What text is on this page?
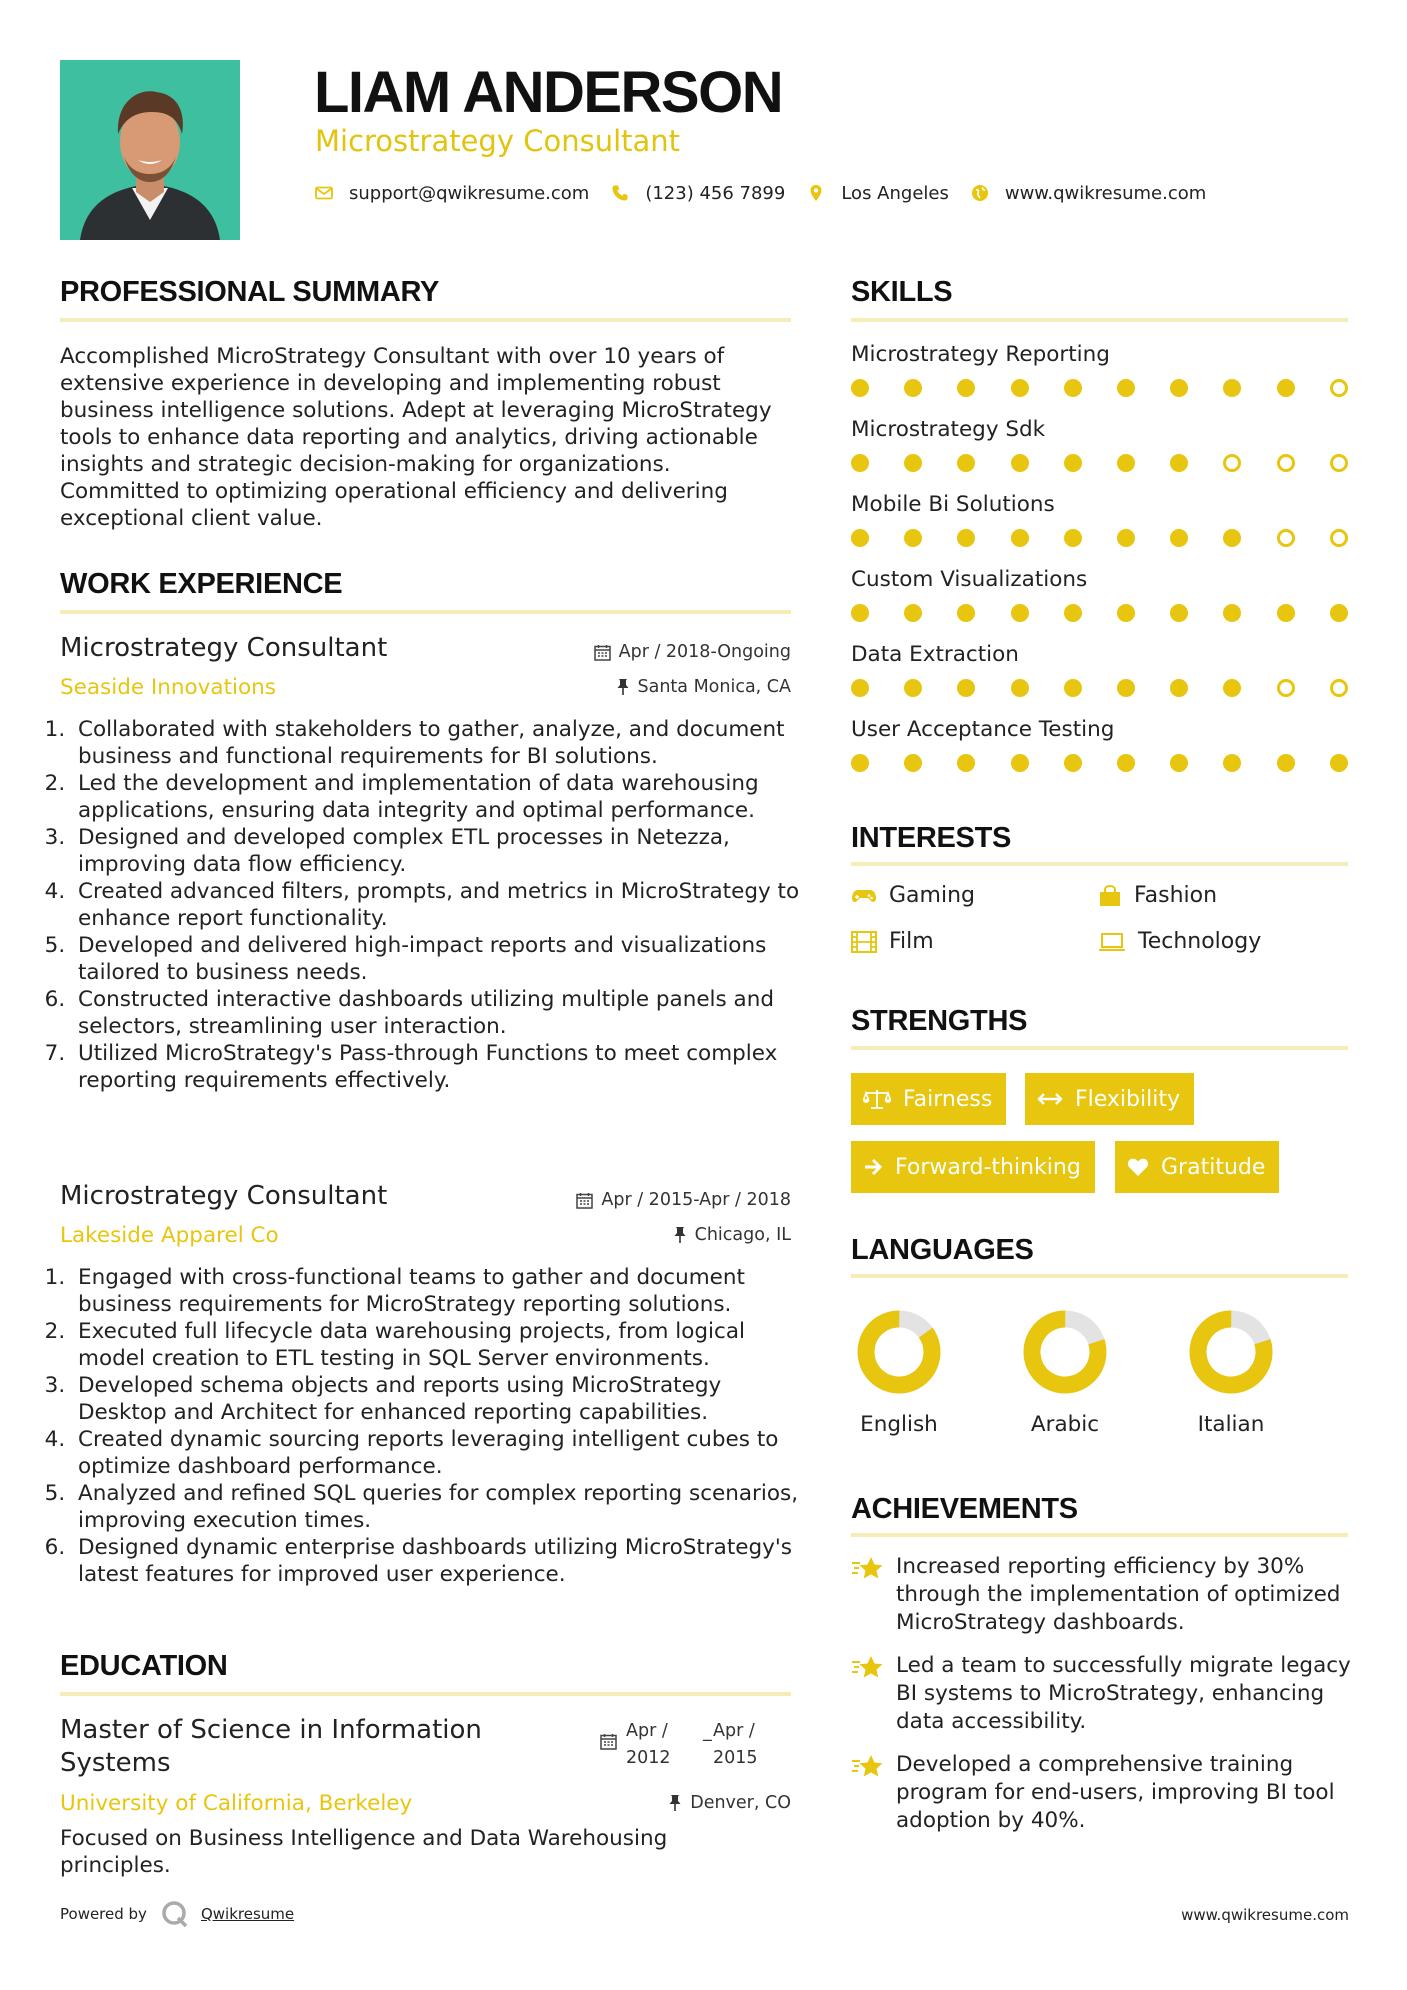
LIAM ANDERSON
Microstrategy Consultant
support@qwikresume.com	(123) 456 7899	Los Angeles	www.qwikresume.com
PROFESSIONAL SUMMARY
Accomplished MicroStrategy Consultant with over 10 years of extensive experience in developing and implementing robust business intelligence solutions. Adept at leveraging MicroStrategy tools to enhance data reporting and analytics, driving actionable insights and strategic decision-making for organizations. Committed to optimizing operational efficiency and delivering exceptional client value.
WORK EXPERIENCE
Microstrategy Consultant	Apr / 2018-Ongoing
Seaside Innovations	Santa Monica, CA
1. Collaborated with stakeholders to gather, analyze, and document business and functional requirements for BI solutions.
2. Led the development and implementation of data warehousing applications, ensuring data integrity and optimal performance.
3. Designed and developed complex ETL processes in Netezza, improving data flow efficiency.
4. Created advanced filters, prompts, and metrics in MicroStrategy to enhance report functionality.
5. Developed and delivered high-impact reports and visualizations tailored to business needs.
6. Constructed interactive dashboards utilizing multiple panels and selectors, streamlining user interaction.
7. Utilized MicroStrategy's Pass-through Functions to meet complex reporting requirements effectively.
Microstrategy Consultant	Apr / 2015-Apr / 2018
Lakeside Apparel Co	Chicago, IL
1. Engaged with cross-functional teams to gather and document business requirements for MicroStrategy reporting solutions.
2. Executed full lifecycle data warehousing projects, from logical model creation to ETL testing in SQL Server environments.
3. Developed schema objects and reports using MicroStrategy Desktop and Architect for enhanced reporting capabilities.
4. Created dynamic sourcing reports leveraging intelligent cubes to optimize dashboard performance.
5. Analyzed and refined SQL queries for complex reporting scenarios, improving execution times.
6. Designed dynamic enterprise dashboards utilizing MicroStrategy's latest features for improved user experience.
EDUCATION
Master of Science in Information Systems
Apr /
2012
_ Apr /
2015
University of California, Berkeley	Denver, CO
Focused on Business Intelligence and Data Warehousing principles.
SKILLS
Microstrategy Reporting
Microstrategy Sdk
Mobile Bi Solutions
Custom Visualizations
Data Extraction
User Acceptance Testing
INTERESTS
Gaming	Fashion
Film	Technology
STRENGTHS
Fairness	Flexibility
Forward-thinking	Gratitude
LANGUAGES
English	Arabic	Italian
ACHIEVEMENTS
Increased reporting efficiency by 30% through the implementation of optimized MicroStrategy dashboards.
Led a team to successfully migrate legacy BI systems to MicroStrategy, enhancing data accessibility.
Developed a comprehensive training program for end-users, improving BI tool adoption by 40%.
Powered by	Qwikresume	www.qwikresume.com
